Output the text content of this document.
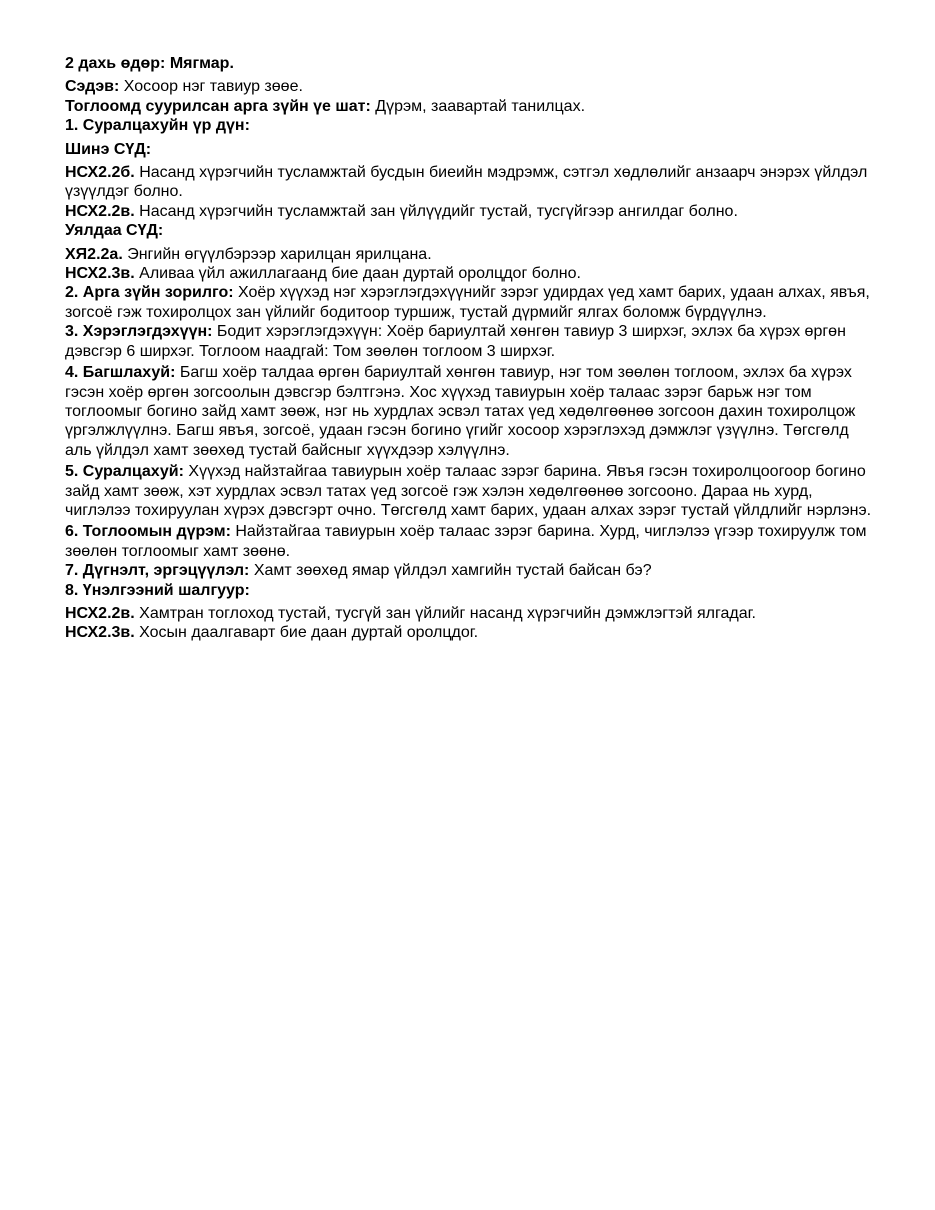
2 дахь өдөр: Мягмар.

Сэдэв: Хосоор нэг тавиур зөөе.

Тоглоомд суурилсан арга зүйн үе шат: Дүрэм, заавартай танилцах.

1. Суралцахуйн үр дүн:

Шинэ СҮД:

НСХ2.2б. Насанд хүрэгчийн тусламжтай бусдын биеийн мэдрэмж, сэтгэл хөдлөлийг анзаарч энэрэх үйлдэл үзүүлдэг болно.

НСХ2.2в. Насанд хүрэгчийн тусламжтай зан үйлүүдийг тустай, тусгүйгээр ангилдаг болно.

Уялдаа СҮД:

ХЯ2.2а. Энгийн өгүүлбэрээр харилцан ярилцана.

НСХ2.3в. Аливаа үйл ажиллагаанд бие даан дуртай оролцдог болно.

2. Арга зүйн зорилго: Хоёр хүүхэд нэг хэрэглэгдэхүүнийг зэрэг удирдах үед хамт барих, удаан алхах, явъя, зогсоё гэж тохиролцох зан үйлийг бодитоор туршиж, тустай дүрмийг ялгах боломж бүрдүүлнэ.

3. Хэрэглэгдэхүүн: Бодит хэрэглэгдэхүүн: Хоёр бариултай хөнгөн тавиур 3 ширхэг, эхлэх ба хүрэх өргөн дэвсгэр 6 ширхэг. Тоглоом наадгай: Том зөөлөн тоглоом 3 ширхэг.

4. Багшлахуй: Багш хоёр талдаа өргөн бариултай хөнгөн тавиур, нэг том зөөлөн тоглоом, эхлэх ба хүрэх гэсэн хоёр өргөн зогсоолын дэвсгэр бэлтгэнэ. Хос хүүхэд тавиурын хоёр талаас зэрэг барьж нэг том тоглоомыг богино зайд хамт зөөж, нэг нь хурдлах эсвэл татах үед хөдөлгөөнөө зогсоон дахин тохиролцож үргэлжлүүлнэ. Багш явъя, зогсоё, удаан гэсэн богино үгийг хосоор хэрэглэхэд дэмжлэг үзүүлнэ. Төгсгөлд аль үйлдэл хамт зөөхөд тустай байсныг хүүхдээр хэлүүлнэ.

5. Суралцахуй: Хүүхэд найзтайгаа тавиурын хоёр талаас зэрэг барина. Явъя гэсэн тохиролцоогоор богино зайд хамт зөөж, хэт хурдлах эсвэл татах үед зогсоё гэж хэлэн хөдөлгөөнөө зогсооно. Дараа нь хурд, чиглэлээ тохируулан хүрэх дэвсгэрт очно. Төгсгөлд хамт барих, удаан алхах зэрэг тустай үйлдлийг нэрлэнэ.

6. Тоглоомын дүрэм: Найзтайгаа тавиурын хоёр талаас зэрэг барина. Хурд, чиглэлээ үгээр тохируулж том зөөлөн тоглоомыг хамт зөөнө.

7. Дүгнэлт, эргэцүүлэл: Хамт зөөхөд ямар үйлдэл хамгийн тустай байсан бэ?

8. Үнэлгээний шалгуур:

НСХ2.2в. Хамтран тоглоход тустай, тусгүй зан үйлийг насанд хүрэгчийн дэмжлэгтэй ялгадаг.

НСХ2.3в. Хосын даалгаварт бие даан дуртай оролцдог.
